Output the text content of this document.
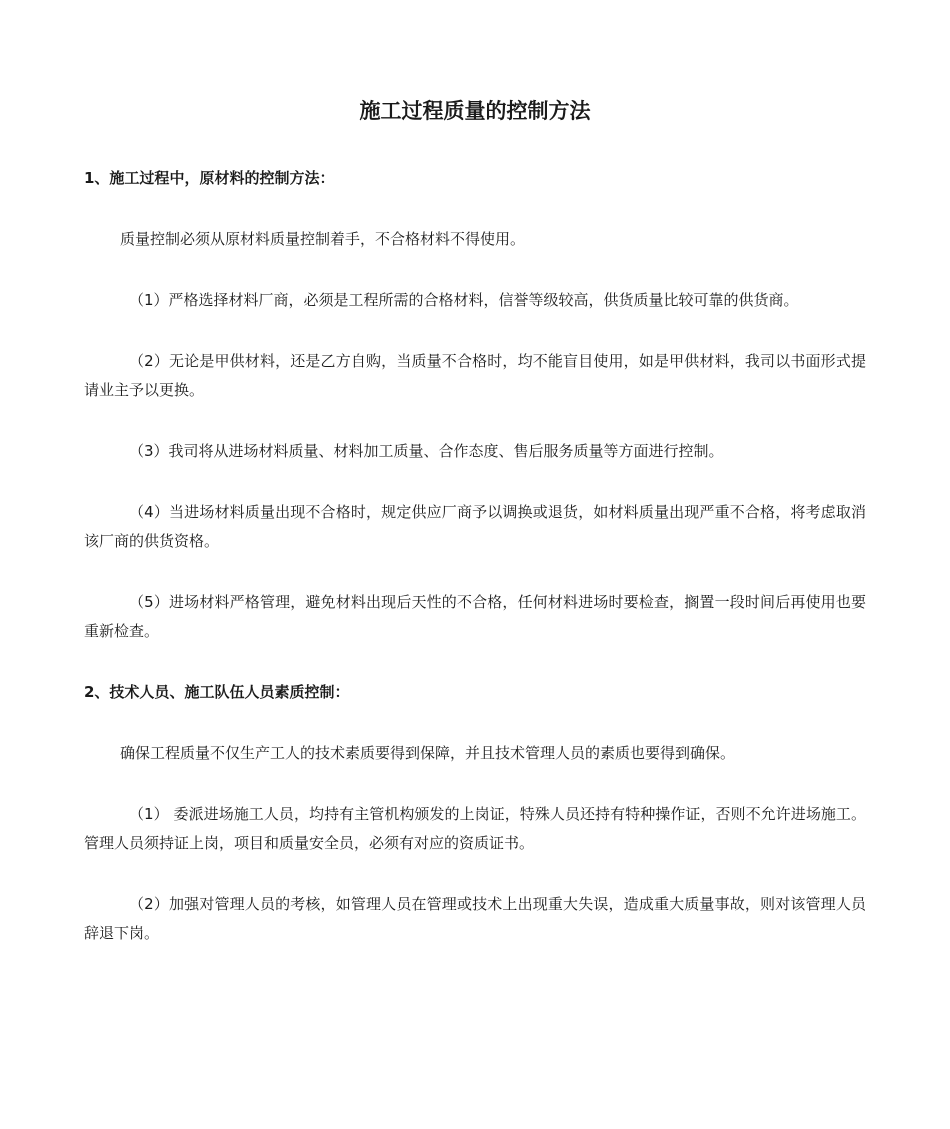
施工过程质量的控制方法
1、施工过程中，原材料的控制方法：

质量控制必须从原材料质量控制着手，不合格材料不得使用。

（1）严格选择材料厂商，必须是工程所需的合格材料，信誉等级较高，供货质量比较可靠的供货商。

（2）无论是甲供材料，还是乙方自购，当质量不合格时，均不能盲目使用，如是甲供材料，我司以书面形式提请业主予以更换。

（3）我司将从进场材料质量、材料加工质量、合作态度、售后服务质量等方面进行控制。

（4）当进场材料质量出现不合格时，规定供应厂商予以调换或退货，如材料质量出现严重不合格，将考虑取消该厂商的供货资格。

（5）进场材料严格管理，避免材料出现后天性的不合格，任何材料进场时要检查，搁置一段时间后再使用也要重新检查。

2、技术人员、施工队伍人员素质控制：

确保工程质量不仅生产工人的技术素质要得到保障，并且技术管理人员的素质也要得到确保。

（1） 委派进场施工人员，均持有主管机构颁发的上岗证，特殊人员还持有特种操作证，否则不允许进场施工。管理人员须持证上岗，项目和质量安全员，必须有对应的资质证书。

（2）加强对管理人员的考核，如管理人员在管理或技术上出现重大失误，造成重大质量事故，则对该管理人员辞退下岗。
